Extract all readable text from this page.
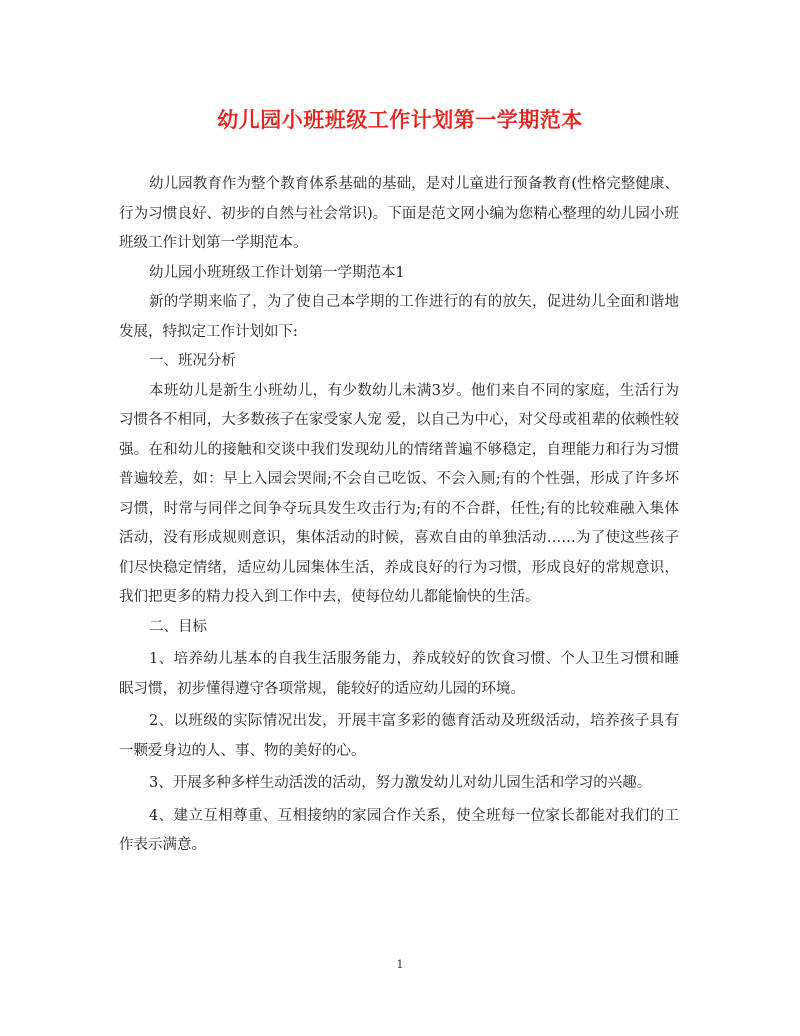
幼儿园小班班级工作计划第一学期范本

幼儿园教育作为整个教育体系基础的基础，是对儿童进行预备教育(性格完整健康、行为习惯良好、初步的自然与社会常识)。下面是范文网小编为您精心整理的幼儿园小班班级工作计划第一学期范本。

幼儿园小班班级工作计划第一学期范本1

新的学期来临了，为了使自己本学期的工作进行的有的放矢，促进幼儿全面和谐地发展，特拟定工作计划如下:

一、班况分析

本班幼儿是新生小班幼儿，有少数幼儿未满3岁。他们来自不同的家庭，生活行为习惯各不相同，大多数孩子在家受家人宠 爱，以自己为中心，对父母或祖辈的依赖性较强。在和幼儿的接触和交谈中我们发现幼儿的情绪普遍不够稳定，自理能力和行为习惯普遍较差，如：早上入园会哭闹;不会自己吃饭、不会入厕;有的个性强，形成了许多坏习惯，时常与同伴之间争夺玩具发生攻击行为;有的不合群，任性;有的比较难融入集体活动，没有形成规则意识，集体活动的时候，喜欢自由的单独活动……为了使这些孩子们尽快稳定情绪，适应幼儿园集体生活，养成良好的行为习惯，形成良好的常规意识，我们把更多的精力投入到工作中去，使每位幼儿都能愉快的生活。

二、目标

1、培养幼儿基本的自我生活服务能力，养成较好的饮食习惯、个人卫生习惯和睡眠习惯，初步懂得遵守各项常规，能较好的适应幼儿园的环境。

2、以班级的实际情况出发，开展丰富多彩的德育活动及班级活动，培养孩子具有一颗爱身边的人、事、物的美好的心。

3、开展多种多样生动活泼的活动，努力激发幼儿对幼儿园生活和学习的兴趣。

4、建立互相尊重、互相接纳的家园合作关系，使全班每一位家长都能对我们的工作表示满意。

1
